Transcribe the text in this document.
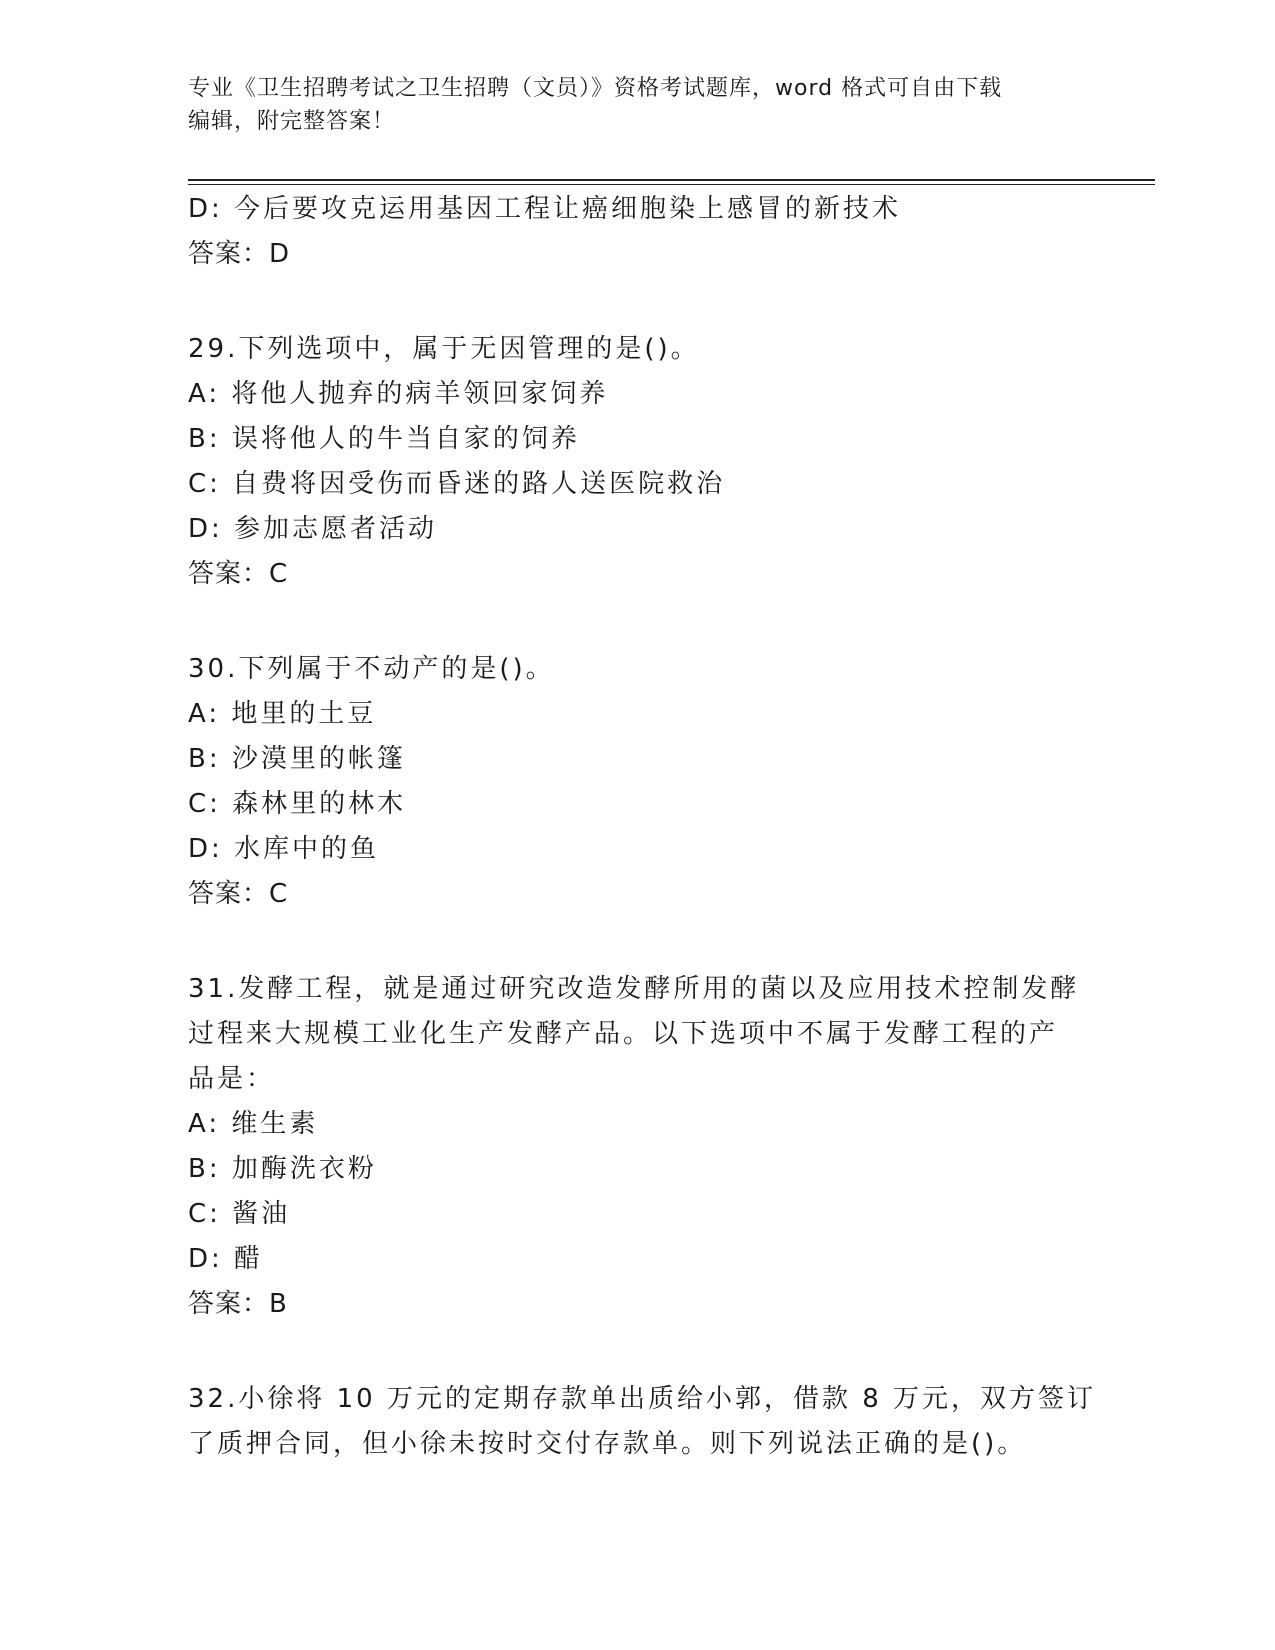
专业《卫生招聘考试之卫生招聘（文员）》资格考试题库，word 格式可自由下载
编辑，附完整答案！
D: 今后要攻克运用基因工程让癌细胞染上感冒的新技术
答案：D
29.下列选项中，属于无因管理的是()。
A: 将他人抛弃的病羊领回家饲养
B: 误将他人的牛当自家的饲养
C: 自费将因受伤而昏迷的路人送医院救治
D: 参加志愿者活动
答案：C
30.下列属于不动产的是()。
A: 地里的土豆
B: 沙漠里的帐篷
C: 森林里的林木
D: 水库中的鱼
答案：C
31.发酵工程，就是通过研究改造发酵所用的菌以及应用技术控制发酵
过程来大规模工业化生产发酵产品。以下选项中不属于发酵工程的产
品是：
A: 维生素
B: 加酶洗衣粉
C: 酱油
D: 醋
答案：B
32.小徐将 10 万元的定期存款单出质给小郭，借款 8 万元，双方签订
了质押合同，但小徐未按时交付存款单。则下列说法正确的是()。
